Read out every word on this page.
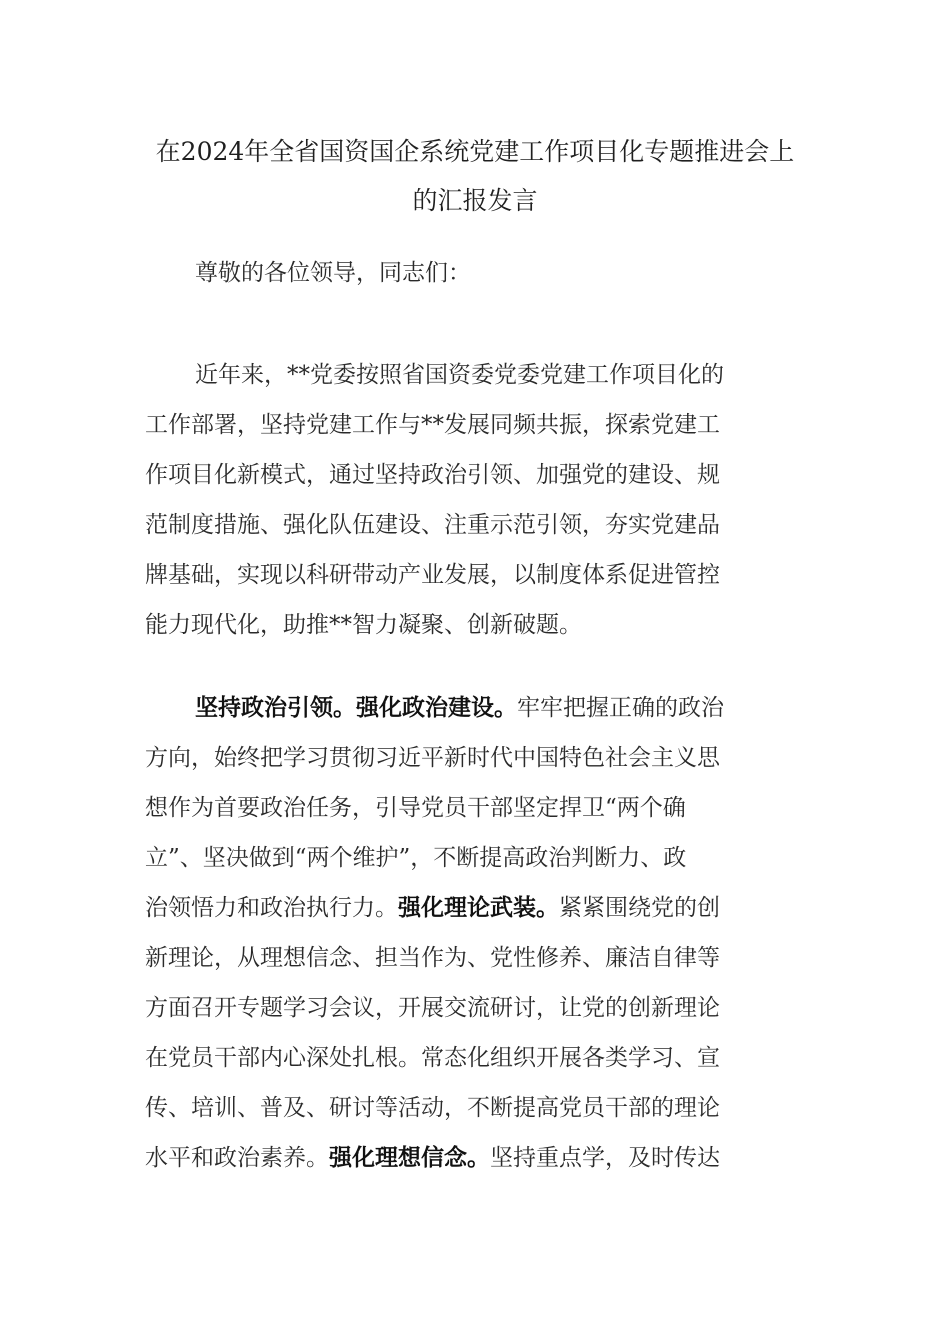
在2024年全省国资国企系统党建工作项目化专题推进会上
的汇报发言
尊敬的各位领导，同志们：
近年来，**党委按照省国资委党委党建工作项目化的
工作部署，坚持党建工作与**发展同频共振，探索党建工
作项目化新模式，通过坚持政治引领、加强党的建设、规
范制度措施、强化队伍建设、注重示范引领，夯实党建品
牌基础，实现以科研带动产业发展，以制度体系促进管控
能力现代化，助推**智力凝聚、创新破题。
坚持政治引领。强化政治建设。牢牢把握正确的政治
方向，始终把学习贯彻习近平新时代中国特色社会主义思
想作为首要政治任务，引导党员干部坚定捍卫“两个确
立”、坚决做到“两个维护”，不断提高政治判断力、政
治领悟力和政治执行力。强化理论武装。紧紧围绕党的创
新理论，从理想信念、担当作为、党性修养、廉洁自律等
方面召开专题学习会议，开展交流研讨，让党的创新理论
在党员干部内心深处扎根。常态化组织开展各类学习、宣
传、培训、普及、研讨等活动，不断提高党员干部的理论
水平和政治素养。强化理想信念。坚持重点学，及时传达
